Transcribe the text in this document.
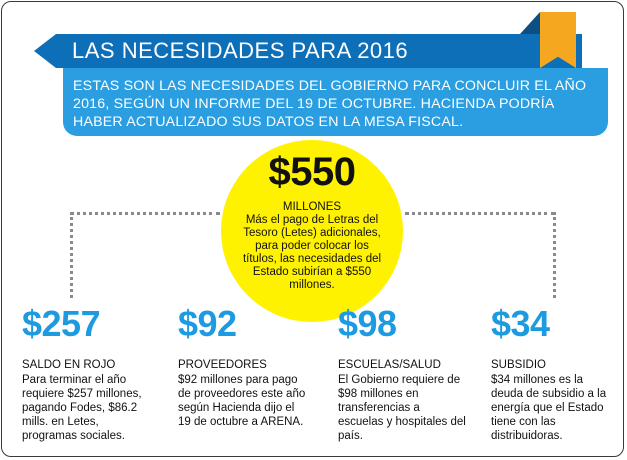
LAS NECESIDADES PARA 2016
ESTAS SON LAS NECESIDADES DEL GOBIERNO PARA CONCLUIR EL AÑO 2016, SEGÚN UN INFORME DEL 19 DE OCTUBRE. HACIENDA PODRÍA HABER ACTUALIZADO SUS DATOS EN LA MESA FISCAL.
$550
MILLONES
Más el pago de Letras del Tesoro (Letes) adicionales, para poder colocar los títulos, las necesidades del Estado subirían a $550 millones.
$257
SALDO EN ROJO
Para terminar el año requiere $257 millones, pagando Fodes, $86.2 mills. en Letes, programas sociales.
$92
PROVEEDORES
$92 millones para pago de proveedores este año según Hacienda dijo el 19 de octubre a ARENA.
$98
ESCUELAS/SALUD
El Gobierno requiere de $98 millones en transferencias a escuelas y hospitales del país.
$34
SUBSIDIO
$34 millones es la deuda de subsidio a la energía que el Estado tiene con las distribuidoras.
